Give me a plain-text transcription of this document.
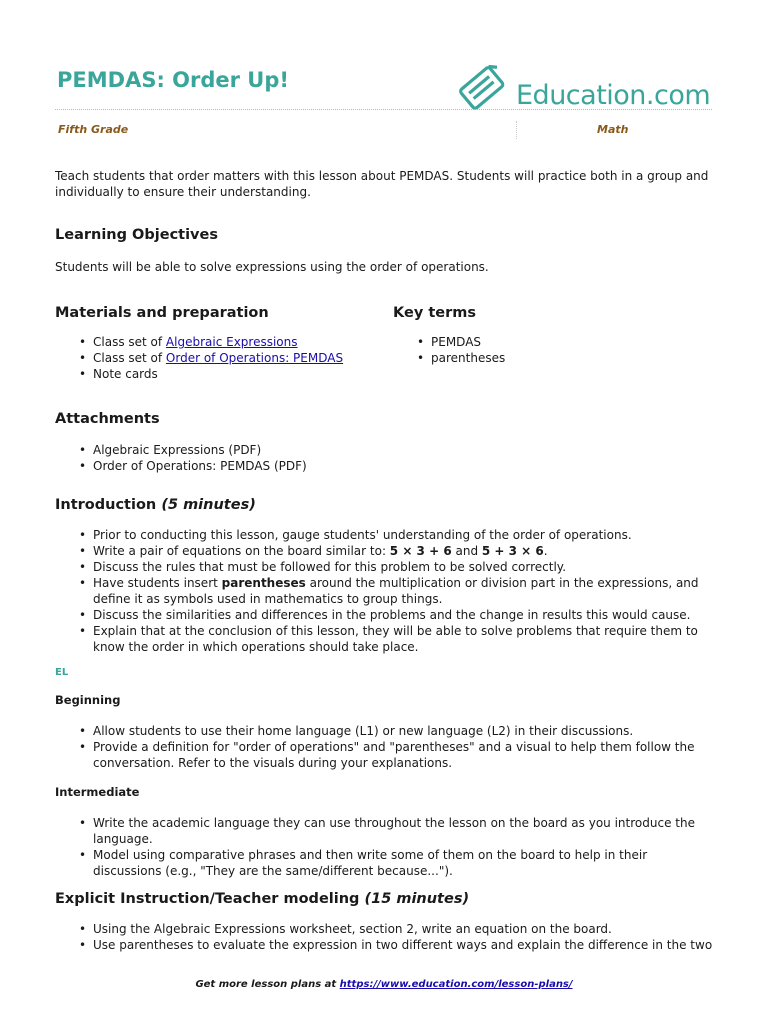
PEMDAS: Order Up!	Education.com
Fifth Grade	Math
Teach students that order matters with this lesson about PEMDAS. Students will practice both in a group and individually to ensure their understanding.
Learning Objectives
Students will be able to solve expressions using the order of operations.
Materials and preparation
• Class set of Algebraic Expressions
• Class set of Order of Operations: PEMDAS
• Note cards
Key terms
• PEMDAS
• parentheses
Attachments
• Algebraic Expressions (PDF)
• Order of Operations: PEMDAS (PDF)
Introduction (5 minutes)
• Prior to conducting this lesson, gauge students' understanding of the order of operations.
• Write a pair of equations on the board similar to: 5 × 3 + 6 and 5 + 3 × 6.
• Discuss the rules that must be followed for this problem to be solved correctly.
• Have students insert parentheses around the multiplication or division part in the expressions, and define it as symbols used in mathematics to group things.
• Discuss the similarities and differences in the problems and the change in results this would cause.
• Explain that at the conclusion of this lesson, they will be able to solve problems that require them to know the order in which operations should take place.
EL
Beginning
• Allow students to use their home language (L1) or new language (L2) in their discussions.
• Provide a definition for "order of operations" and "parentheses" and a visual to help them follow the conversation. Refer to the visuals during your explanations.
Intermediate
• Write the academic language they can use throughout the lesson on the board as you introduce the language.
• Model using comparative phrases and then write some of them on the board to help in their discussions (e.g., "They are the same/different because...").
Explicit Instruction/Teacher modeling (15 minutes)
• Using the Algebraic Expressions worksheet, section 2, write an equation on the board.
• Use parentheses to evaluate the expression in two different ways and explain the difference in the two
Get more lesson plans at https://www.education.com/lesson-plans/
